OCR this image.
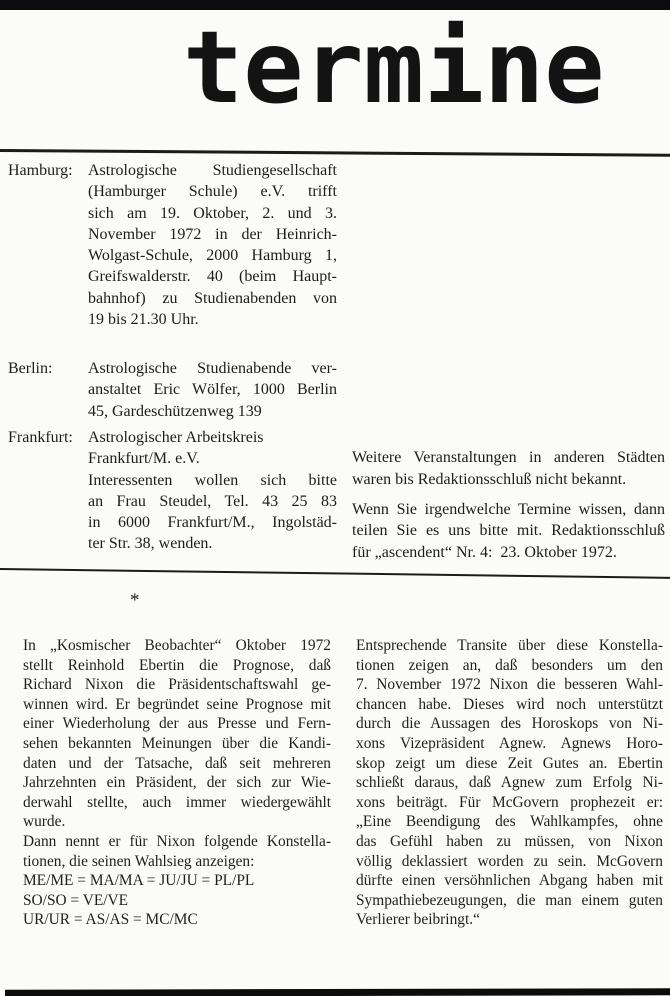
termine
Hamburg: Astrologische Studiengesellschaft
(Hamburger Schule) e.V. trifft
sich am 19. Oktober, 2. und 3.
November 1972 in der Heinrich-
Wolgast-Schule, 2000 Hamburg 1,
Greifswalderstr. 40 (beim Haupt-
bahnhof) zu Studienabenden von
19 bis 21.30 Uhr.
Berlin: Astrologische Studienabende ver-
anstaltet Eric Wölfer, 1000 Berlin
45, Gardeschützenweg 139
Frankfurt: Astrologischer Arbeitskreis
Frankfurt/M. e.V.
Interessenten wollen sich bitte
an Frau Steudel, Tel. 43 25 83
in 6000 Frankfurt/M., Ingolstäd-
ter Str. 38, wenden.
Weitere Veranstaltungen in anderen Städten
waren bis Redaktionsschluß nicht bekannt.
Wenn Sie irgendwelche Termine wissen, dann
teilen Sie es uns bitte mit. Redaktionsschluß
für „ascendent“ Nr. 4:  23. Oktober 1972.
*
In „Kosmischer Beobachter“ Oktober 1972
stellt Reinhold Ebertin die Prognose, daß
Richard Nixon die Präsidentschaftswahl ge-
winnen wird. Er begründet seine Prognose mit
einer Wiederholung der aus Presse und Fern-
sehen bekannten Meinungen über die Kandi-
daten und der Tatsache, daß seit mehreren
Jahrzehnten ein Präsident, der sich zur Wie-
derwahl stellte, auch immer wiedergewählt
wurde.
Dann nennt er für Nixon folgende Konstella-
tionen, die seinen Wahlsieg anzeigen:
ME/ME = MA/MA = JU/JU = PL/PL
SO/SO = VE/VE
UR/UR = AS/AS = MC/MC
Entsprechende Transite über diese Konstella-
tionen zeigen an, daß besonders um den
7. November 1972 Nixon die besseren Wahl-
chancen habe. Dieses wird noch unterstützt
durch die Aussagen des Horoskops von Ni-
xons Vizepräsident Agnew. Agnews Horo-
skop zeigt um diese Zeit Gutes an. Ebertin
schließt daraus, daß Agnew zum Erfolg Ni-
xons beiträgt. Für McGovern prophezeit er:
„Eine Beendigung des Wahlkampfes, ohne
das Gefühl haben zu müssen, von Nixon
völlig deklassiert worden zu sein. McGovern
dürfte einen versöhnlichen Abgang haben mit
Sympathiebezeugungen, die man einem guten
Verlierer beibringt.“
